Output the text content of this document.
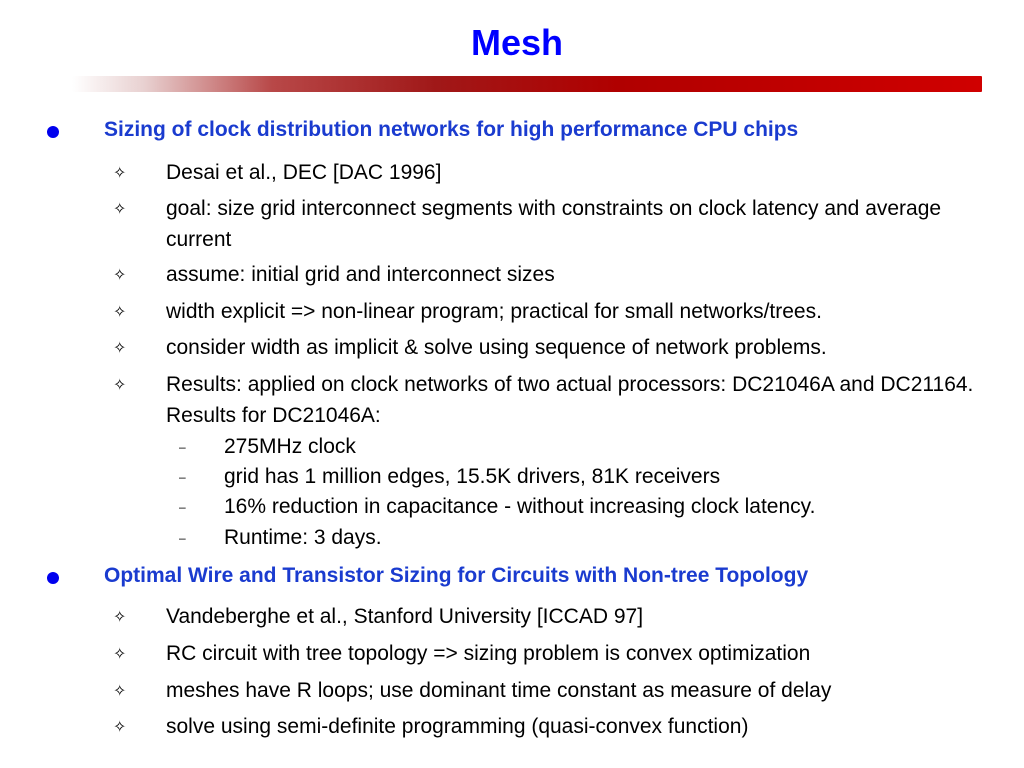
Mesh
Sizing of clock distribution networks for high performance CPU chips
✧ Desai et al., DEC [DAC 1996]
✧ goal: size grid interconnect segments with constraints on clock latency and average current
✧ assume: initial grid and interconnect sizes
✧ width explicit => non-linear program; practical for small networks/trees.
✧ consider width as implicit & solve using sequence of network problems.
✧ Results: applied on clock networks of two actual processors: DC21046A and DC21164. Results for DC21046A:
– 275MHz clock
– grid has 1 million edges, 15.5K drivers, 81K receivers
– 16% reduction in capacitance - without increasing clock latency.
– Runtime: 3 days.
Optimal Wire and Transistor Sizing for Circuits with Non-tree Topology
✧ Vandeberghe et al., Stanford University [ICCAD 97]
✧ RC circuit with tree topology => sizing problem is convex optimization
✧ meshes have R loops; use dominant time constant as measure of delay
✧ solve using semi-definite programming (quasi-convex function)
